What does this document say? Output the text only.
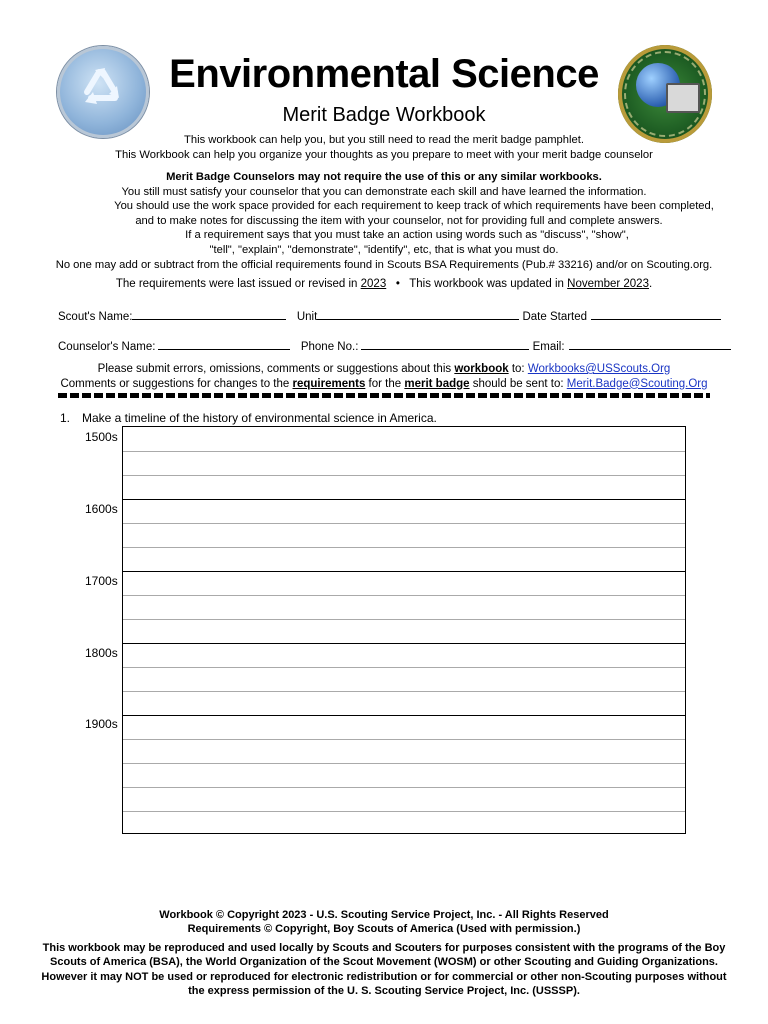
Environmental Science
Merit Badge Workbook
This workbook can help you, but you still need to read the merit badge pamphlet.
This Workbook can help you organize your thoughts as you prepare to meet with your merit badge counselor
Merit Badge Counselors may not require the use of this or any similar workbooks.
You still must satisfy your counselor that you can demonstrate each skill and have learned the information.
You should use the work space provided for each requirement to keep track of which requirements have been completed,
and to make notes for discussing the item with your counselor, not for providing full and complete answers.
If a requirement says that you must take an action using words such as "discuss", "show",
"tell", "explain", "demonstrate", "identify", etc, that is what you must do.
No one may add or subtract from the official requirements found in Scouts BSA Requirements (Pub.# 33216) and/or on Scouting.org.
The requirements were last issued or revised in 2023 • This workbook was updated in November 2023.
Scout's Name:	Unit	Date Started
Counselor's Name:	Phone No.:	Email:
Please submit errors, omissions, comments or suggestions about this workbook to: Workbooks@USScouts.Org
Comments or suggestions for changes to the requirements for the merit badge should be sent to: Merit.Badge@Scouting.Org
1. Make a timeline of the history of environmental science in America.
1500s
1600s
1700s
1800s
1900s
Workbook © Copyright 2023 - U.S. Scouting Service Project, Inc. - All Rights Reserved
Requirements © Copyright, Boy Scouts of America (Used with permission.)
This workbook may be reproduced and used locally by Scouts and Scouters for purposes consistent with the programs of the Boy
Scouts of America (BSA), the World Organization of the Scout Movement (WOSM) or other Scouting and Guiding Organizations.
However it may NOT be used or reproduced for electronic redistribution or for commercial or other non-Scouting purposes without
the express permission of the U. S. Scouting Service Project, Inc. (USSSP).
